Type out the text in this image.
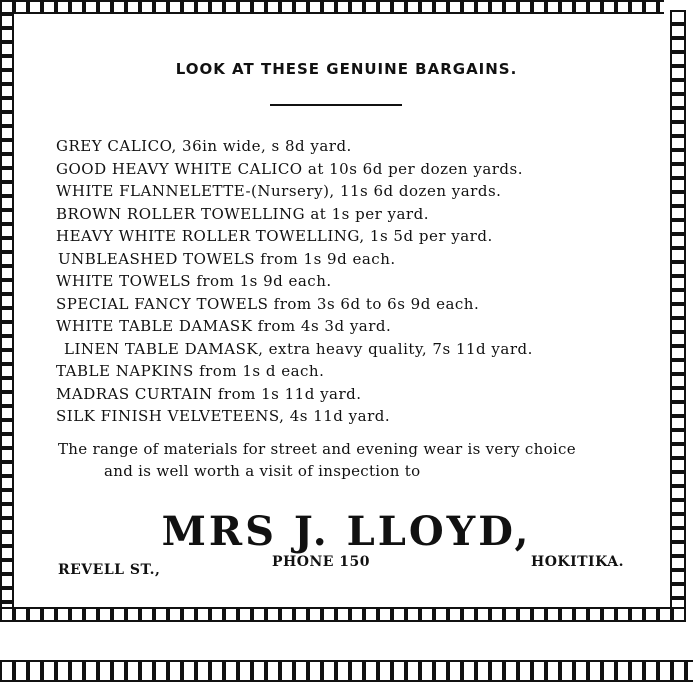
LOOK AT THESE GENUINE BARGAINS.
GREY CALICO, 36in wide, s 8d yard.
GOOD HEAVY WHITE CALICO at 10s 6d per dozen yards.
WHITE FLANNELETTE-(Nursery), 11s 6d dozen yards.
BROWN ROLLER TOWELLING at 1s per yard.
HEAVY WHITE ROLLER TOWELLING, 1s 5d per yard.
UNBLEASHED TOWELS from 1s 9d each.
WHITE TOWELS from 1s 9d each.
SPECIAL FANCY TOWELS from 3s 6d to 6s 9d each.
WHITE TABLE DAMASK from 4s 3d yard.
LINEN TABLE DAMASK, extra heavy quality, 7s 11d yard.
TABLE NAPKINS from 1s d each.
MADRAS CURTAIN from 1s 11d yard.
SILK FINISH VELVETEENS, 4s 11d yard.

The range of materials for street and evening wear is very choice
and is well worth a visit of inspection to

MRS J. LLOYD,
REVELL ST.,	PHONE 150	HOKITIKA.
